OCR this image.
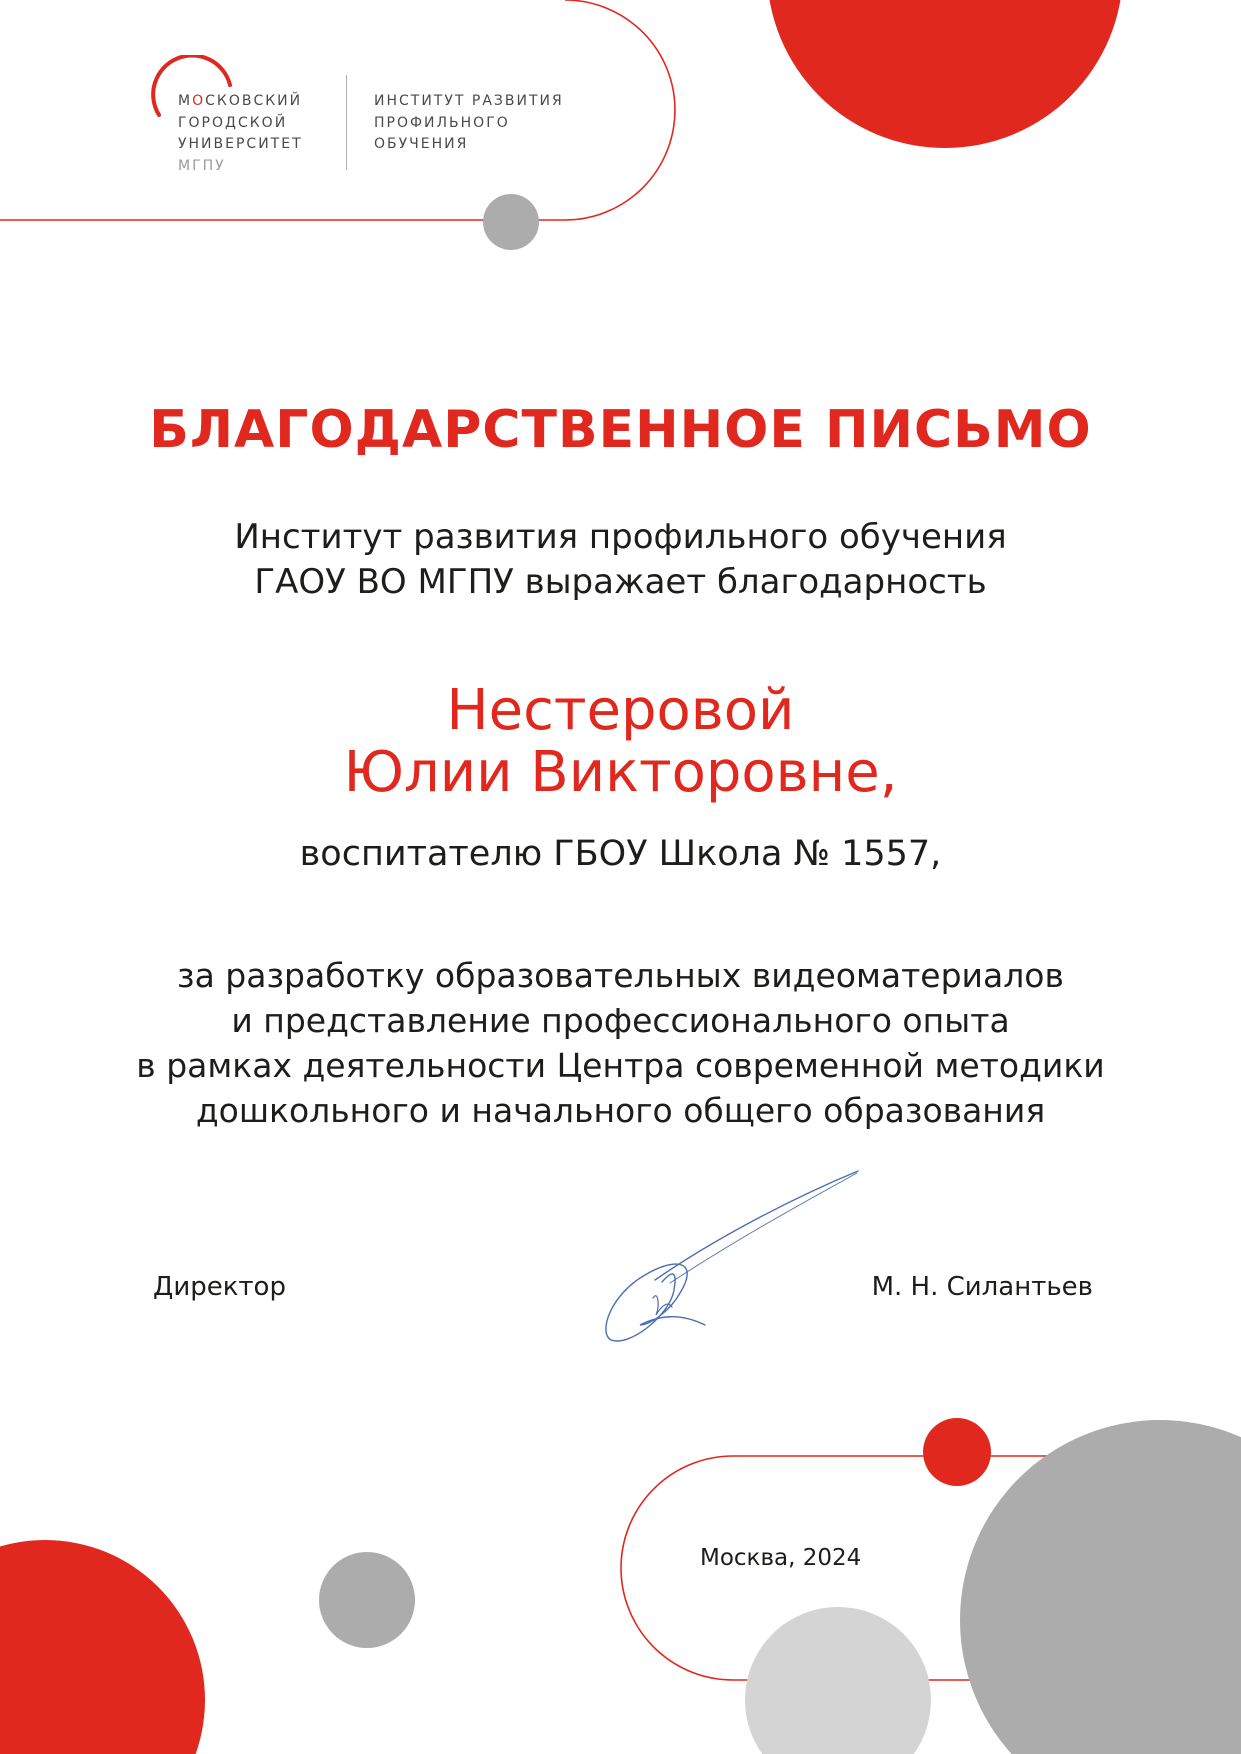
МОСКОВСКИЙ
ГОРОДСКОЙ
УНИВЕРСИТЕТ
МГПУ
ИНСТИТУТ РАЗВИТИЯ
ПРОФИЛЬНОГО
ОБУЧЕНИЯ
БЛАГОДАРСТВЕННОЕ ПИСЬМО
Институт развития профильного обучения
ГАОУ ВО МГПУ выражает благодарность
Нестеровой
Юлии Викторовне,
воспитателю ГБОУ Школа № 1557,
за разработку образовательных видеоматериалов
и представление профессионального опыта
в рамках деятельности Центра современной методики
дошкольного и начального общего образования
Директор	М. Н. Силантьев
Москва, 2024
